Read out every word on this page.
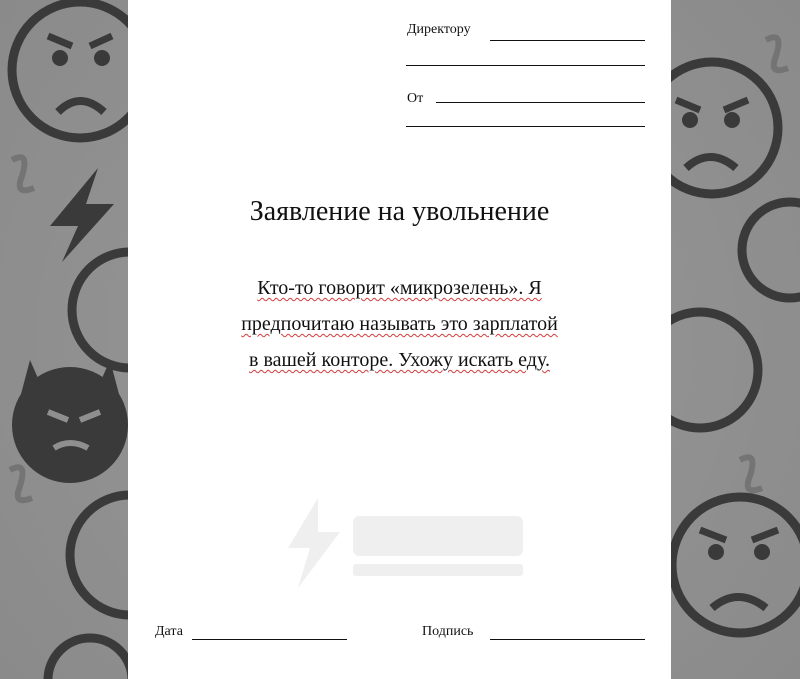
Директору
От
Заявление на увольнение
Кто-то говорит «микрозелень». Я
предпочитаю называть это зарплатой
в вашей конторе. Ухожу искать еду.
Дата	Подпись
